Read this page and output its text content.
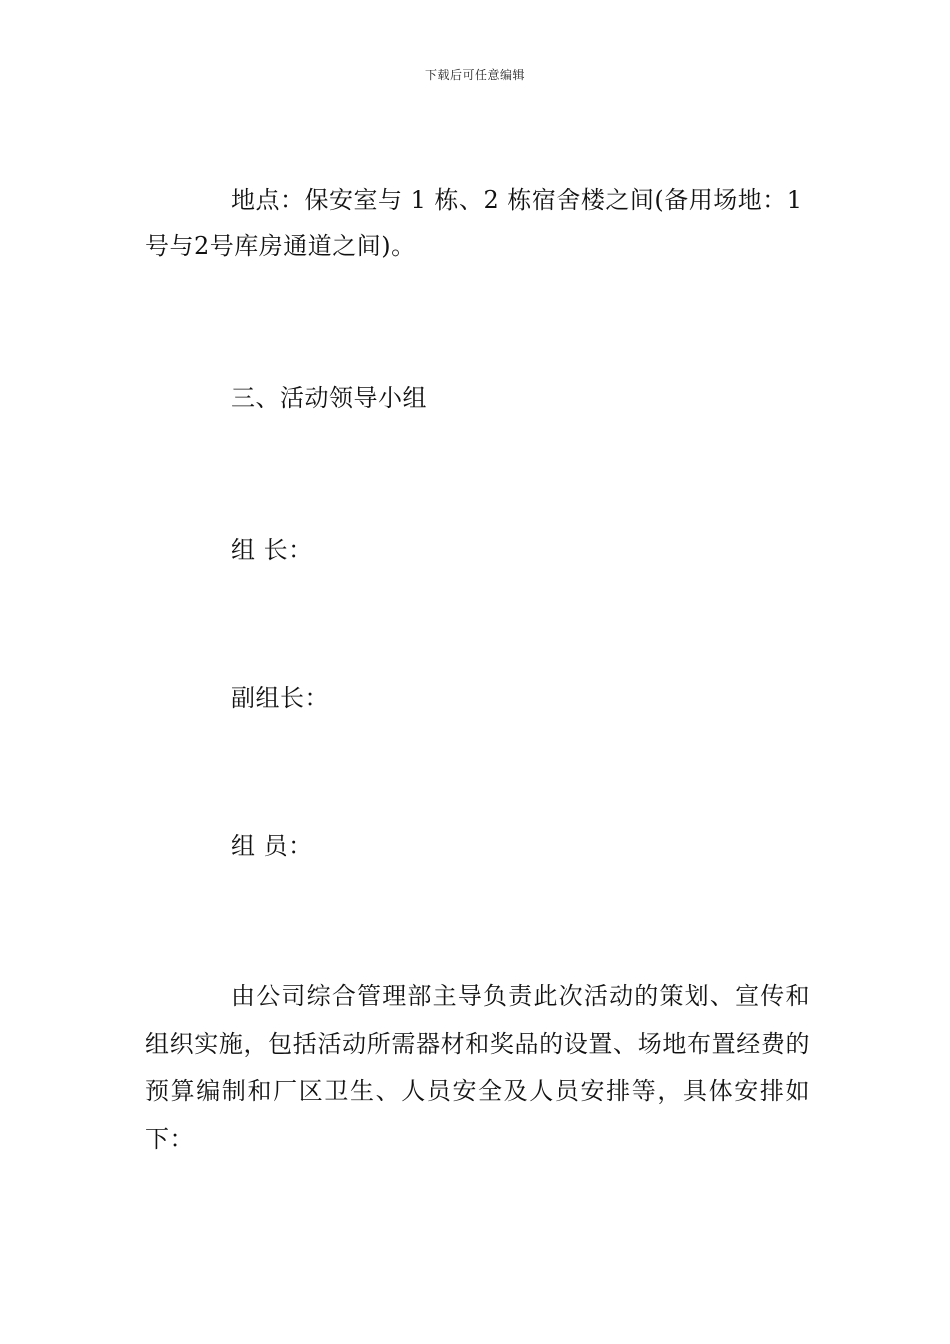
下载后可任意编辑

地点：保安室与 1 栋、2 栋宿舍楼之间(备用场地：1号与2号库房通道之间)。

三、活动领导小组

组 长：

副组长：

组 员：

由公司综合管理部主导负责此次活动的策划、宣传和组织实施，包括活动所需器材和奖品的设置、场地布置经费的预算编制和厂区卫生、人员安全及人员安排等，具体安排如下：
